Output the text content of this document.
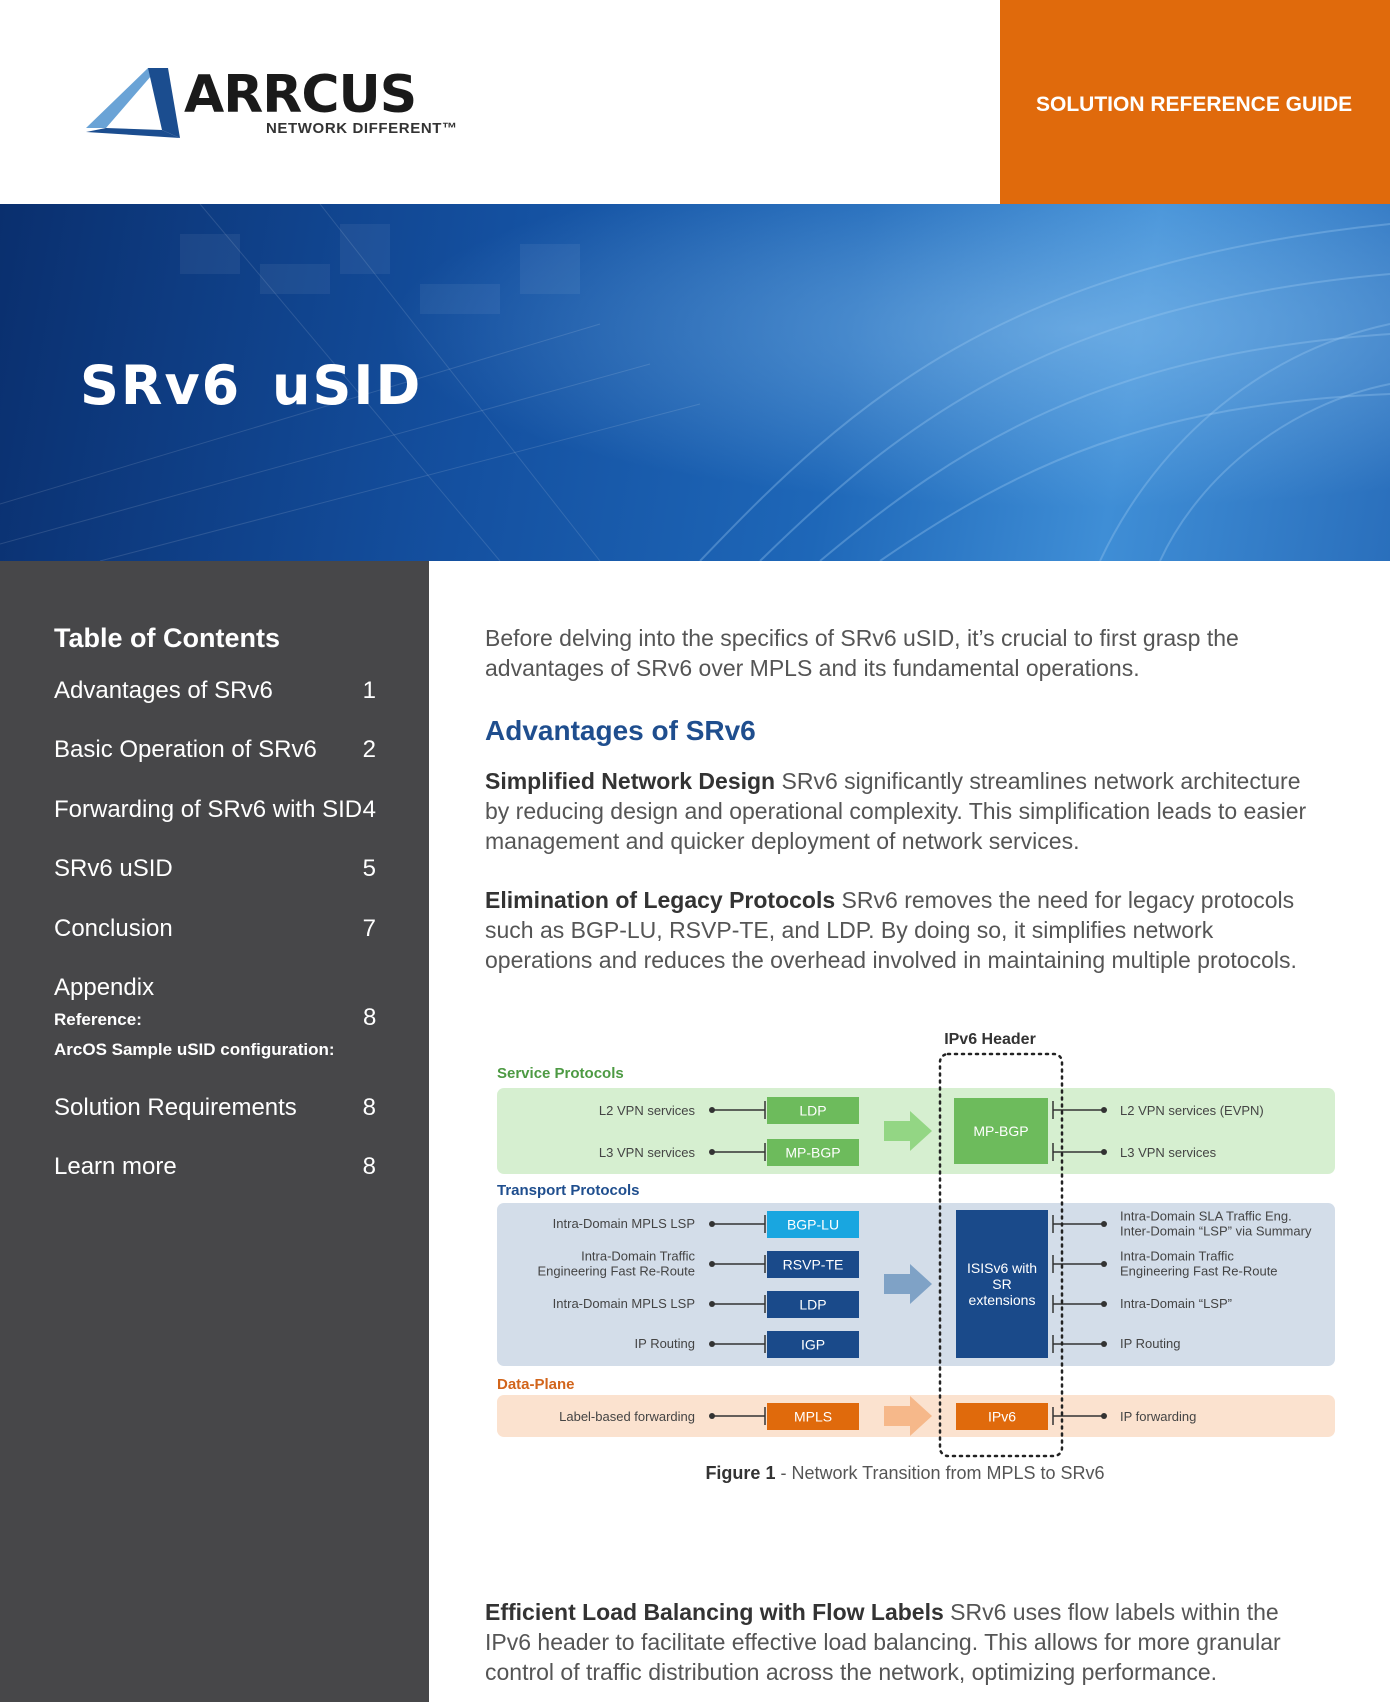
ARRCUS
NETWORK DIFFERENT™
SOLUTION REFERENCE GUIDE
SRv6 uSID
Table of Contents
Advantages of SRv6	1
Basic Operation of SRv6 2
Forwarding of SRv6 with SID 4
SRv6 uSID	5
Conclusion	7
Appendix
Reference:	8
ArcOS Sample uSID configuration:
Solution Requirements	8
Learn more	8
Before delving into the specifics of SRv6 uSID, it’s crucial to first grasp the advantages of SRv6 over MPLS and its fundamental operations.
Advantages of SRv6
Simplified Network Design SRv6 significantly streamlines network architecture by reducing design and operational complexity. This simplification leads to easier management and quicker deployment of network services.
Elimination of Legacy Protocols SRv6 removes the need for legacy protocols such as BGP-LU, RSVP-TE, and LDP. By doing so, it simplifies network operations and reduces the overhead involved in maintaining multiple protocols.
Figure 1 - Network Transition from MPLS to SRv6
Efficient Load Balancing with Flow Labels SRv6 uses flow labels within the IPv6 header to facilitate effective load balancing. This allows for more granular control of traffic distribution across the network, optimizing performance.
IPv6 Header
Service Protocols
L2 VPN services	LDP	L2 VPN services (EVPN)
L3 VPN services	MP-BGP	L3 VPN services
MP-BGP
Transport Protocols
Intra-Domain MPLS LSP	BGP-LU
Intra-Domain SLA Traffic Eng.
Inter-Domain “LSP” via Summary
Intra-Domain Traffic
Engineering Fast Re-Route	RSVP-TE
Intra-Domain Traffic
Engineering Fast Re-Route
Intra-Domain MPLS LSP	LDP	Intra-Domain “LSP”
IP Routing	IGP	IP Routing
ISISv6 with
SR
extensions
Data-Plane
Label-based forwarding	MPLS	IPv6	IP forwarding
